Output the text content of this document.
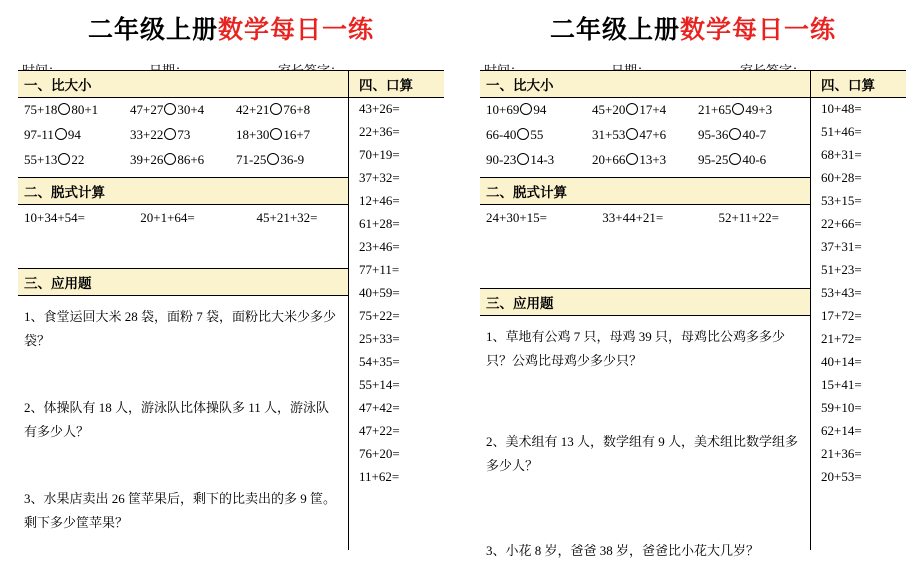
二年级上册数学每日一练
一、比大小
75+18 80+1	47+27 30+4	42+21 76+8
97-11 94	33+22 73	18+30 16+7
55+13 22	39+26 86+6	71-25 36-9
二、脱式计算
10+34+54=	20+1+64=	45+21+32=
三、应用题
1、食堂运回大米 28 袋，面粉 7 袋，面粉比大米少多少袋？
2、体操队有 18 人，游泳队比体操队多 11 人，游泳队有多少人？
3、水果店卖出 26 筐苹果后，剩下的比卖出的多 9 筐。剩下多少筐苹果？
四、口算
43+26=
22+36=
70+19=
37+32=
12+46=
61+28=
23+46=
77+11=
40+59=
75+22=
25+33=
54+35=
55+14=
47+42=
47+22=
76+20=
11+62=
二年级上册数学每日一练
一、比大小
10+69 94	45+20 17+4	21+65 49+3
66-40 55	31+53 47+6	95-36 40-7
90-23 14-3	20+66 13+3	95-25 40-6
二、脱式计算
24+30+15=	33+44+21=	52+11+22=
三、应用题
1、草地有公鸡 7 只，母鸡 39 只，母鸡比公鸡多多少只？公鸡比母鸡少多少只？
2、美术组有 13 人，数学组有 9 人，美术组比数学组多多少人？
3、小花 8 岁，爸爸 38 岁，爸爸比小花大几岁？
四、口算
10+48=
51+46=
68+31=
60+28=
53+15=
22+66=
37+31=
51+23=
53+43=
17+72=
21+72=
40+14=
15+41=
59+10=
62+14=
21+36=
20+53=
